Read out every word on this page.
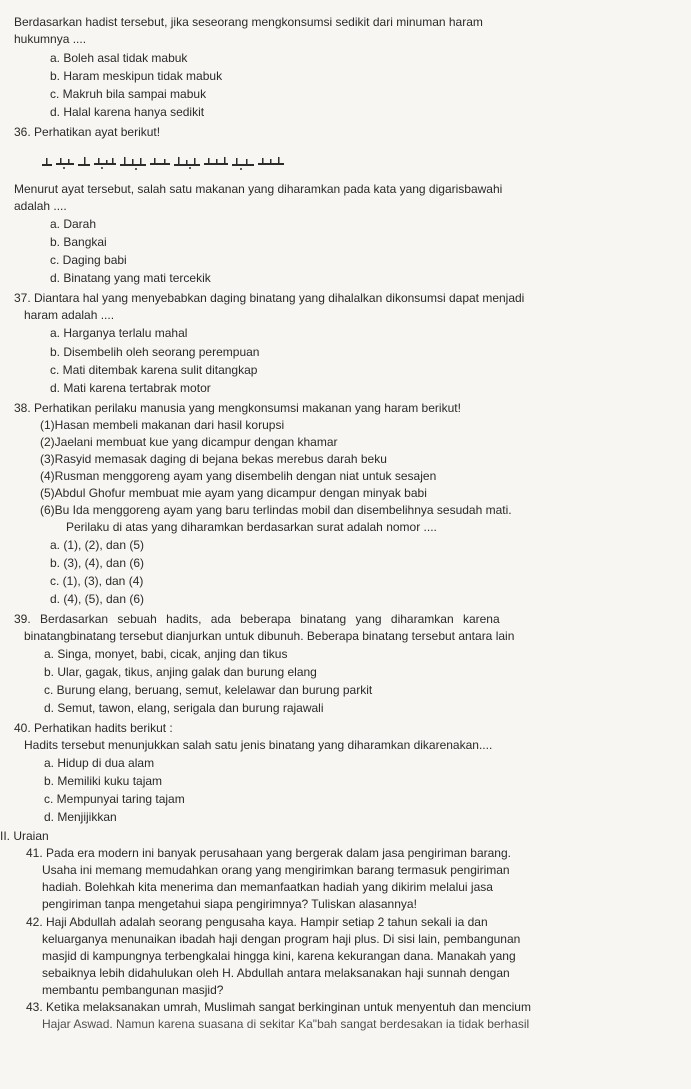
Berdasarkan hadist tersebut, jika seseorang mengkonsumsi sedikit dari minuman haram
hukumnya ....
a. Boleh asal tidak mabuk
b. Haram meskipun tidak mabuk
c. Makruh bila sampai mabuk
d. Halal karena hanya sedikit
36. Perhatikan ayat berikut!
Menurut ayat tersebut, salah satu makanan yang diharamkan pada kata yang digarisbawahi
adalah ....
a. Darah
b. Bangkai
c. Daging babi
d. Binatang yang mati tercekik
37. Diantara hal yang menyebabkan daging binatang yang dihalalkan dikonsumsi dapat menjadi
haram adalah ....
a. Harganya terlalu mahal
b. Disembelih oleh seorang perempuan
c. Mati ditembak karena sulit ditangkap
d. Mati karena tertabrak motor
38. Perhatikan perilaku manusia yang mengkonsumsi makanan yang haram berikut!
(1)Hasan membeli makanan dari hasil korupsi
(2)Jaelani membuat kue yang dicampur dengan khamar
(3)Rasyid memasak daging di bejana bekas merebus darah beku
(4)Rusman menggoreng ayam yang disembelih dengan niat untuk sesajen
(5)Abdul Ghofur membuat mie ayam yang dicampur dengan minyak babi
(6)Bu Ida menggoreng ayam yang baru terlindas mobil dan disembelihnya sesudah mati.
Perilaku di atas yang diharamkan berdasarkan surat adalah nomor ....
a. (1), (2), dan (5)
b. (3), (4), dan (6)
c. (1), (3), dan (4)
d. (4), (5), dan (6)
39. Berdasarkan sebuah hadits, ada beberapa binatang yang diharamkan karena
binatangbinatang tersebut dianjurkan untuk dibunuh. Beberapa binatang tersebut antara lain
a. Singa, monyet, babi, cicak, anjing dan tikus
b. Ular, gagak, tikus, anjing galak dan burung elang
c. Burung elang, beruang, semut, kelelawar dan burung parkit
d. Semut, tawon, elang, serigala dan burung rajawali
40. Perhatikan hadits berikut :
Hadits tersebut menunjukkan salah satu jenis binatang yang diharamkan dikarenakan....
a. Hidup di dua alam
b. Memiliki kuku tajam
c. Mempunyai taring tajam
d. Menjijikkan
II. Uraian
41. Pada era modern ini banyak perusahaan yang bergerak dalam jasa pengiriman barang.
Usaha ini memang memudahkan orang yang mengirimkan barang termasuk pengiriman
hadiah. Bolehkah kita menerima dan memanfaatkan hadiah yang dikirim melalui jasa
pengiriman tanpa mengetahui siapa pengirimnya? Tuliskan alasannya!
42. Haji Abdullah adalah seorang pengusaha kaya. Hampir setiap 2 tahun sekali ia dan
keluarganya menunaikan ibadah haji dengan program haji plus. Di sisi lain, pembangunan
masjid di kampungnya terbengkalai hingga kini, karena kekurangan dana. Manakah yang
sebaiknya lebih didahulukan oleh H. Abdullah antara melaksanakan haji sunnah dengan
membantu pembangunan masjid?
43. Ketika melaksanakan umrah, Muslimah sangat berkinginan untuk menyentuh dan mencium
Hajar Aswad. Namun karena suasana di sekitar Ka"bah sangat berdesakan ia tidak berhasil
